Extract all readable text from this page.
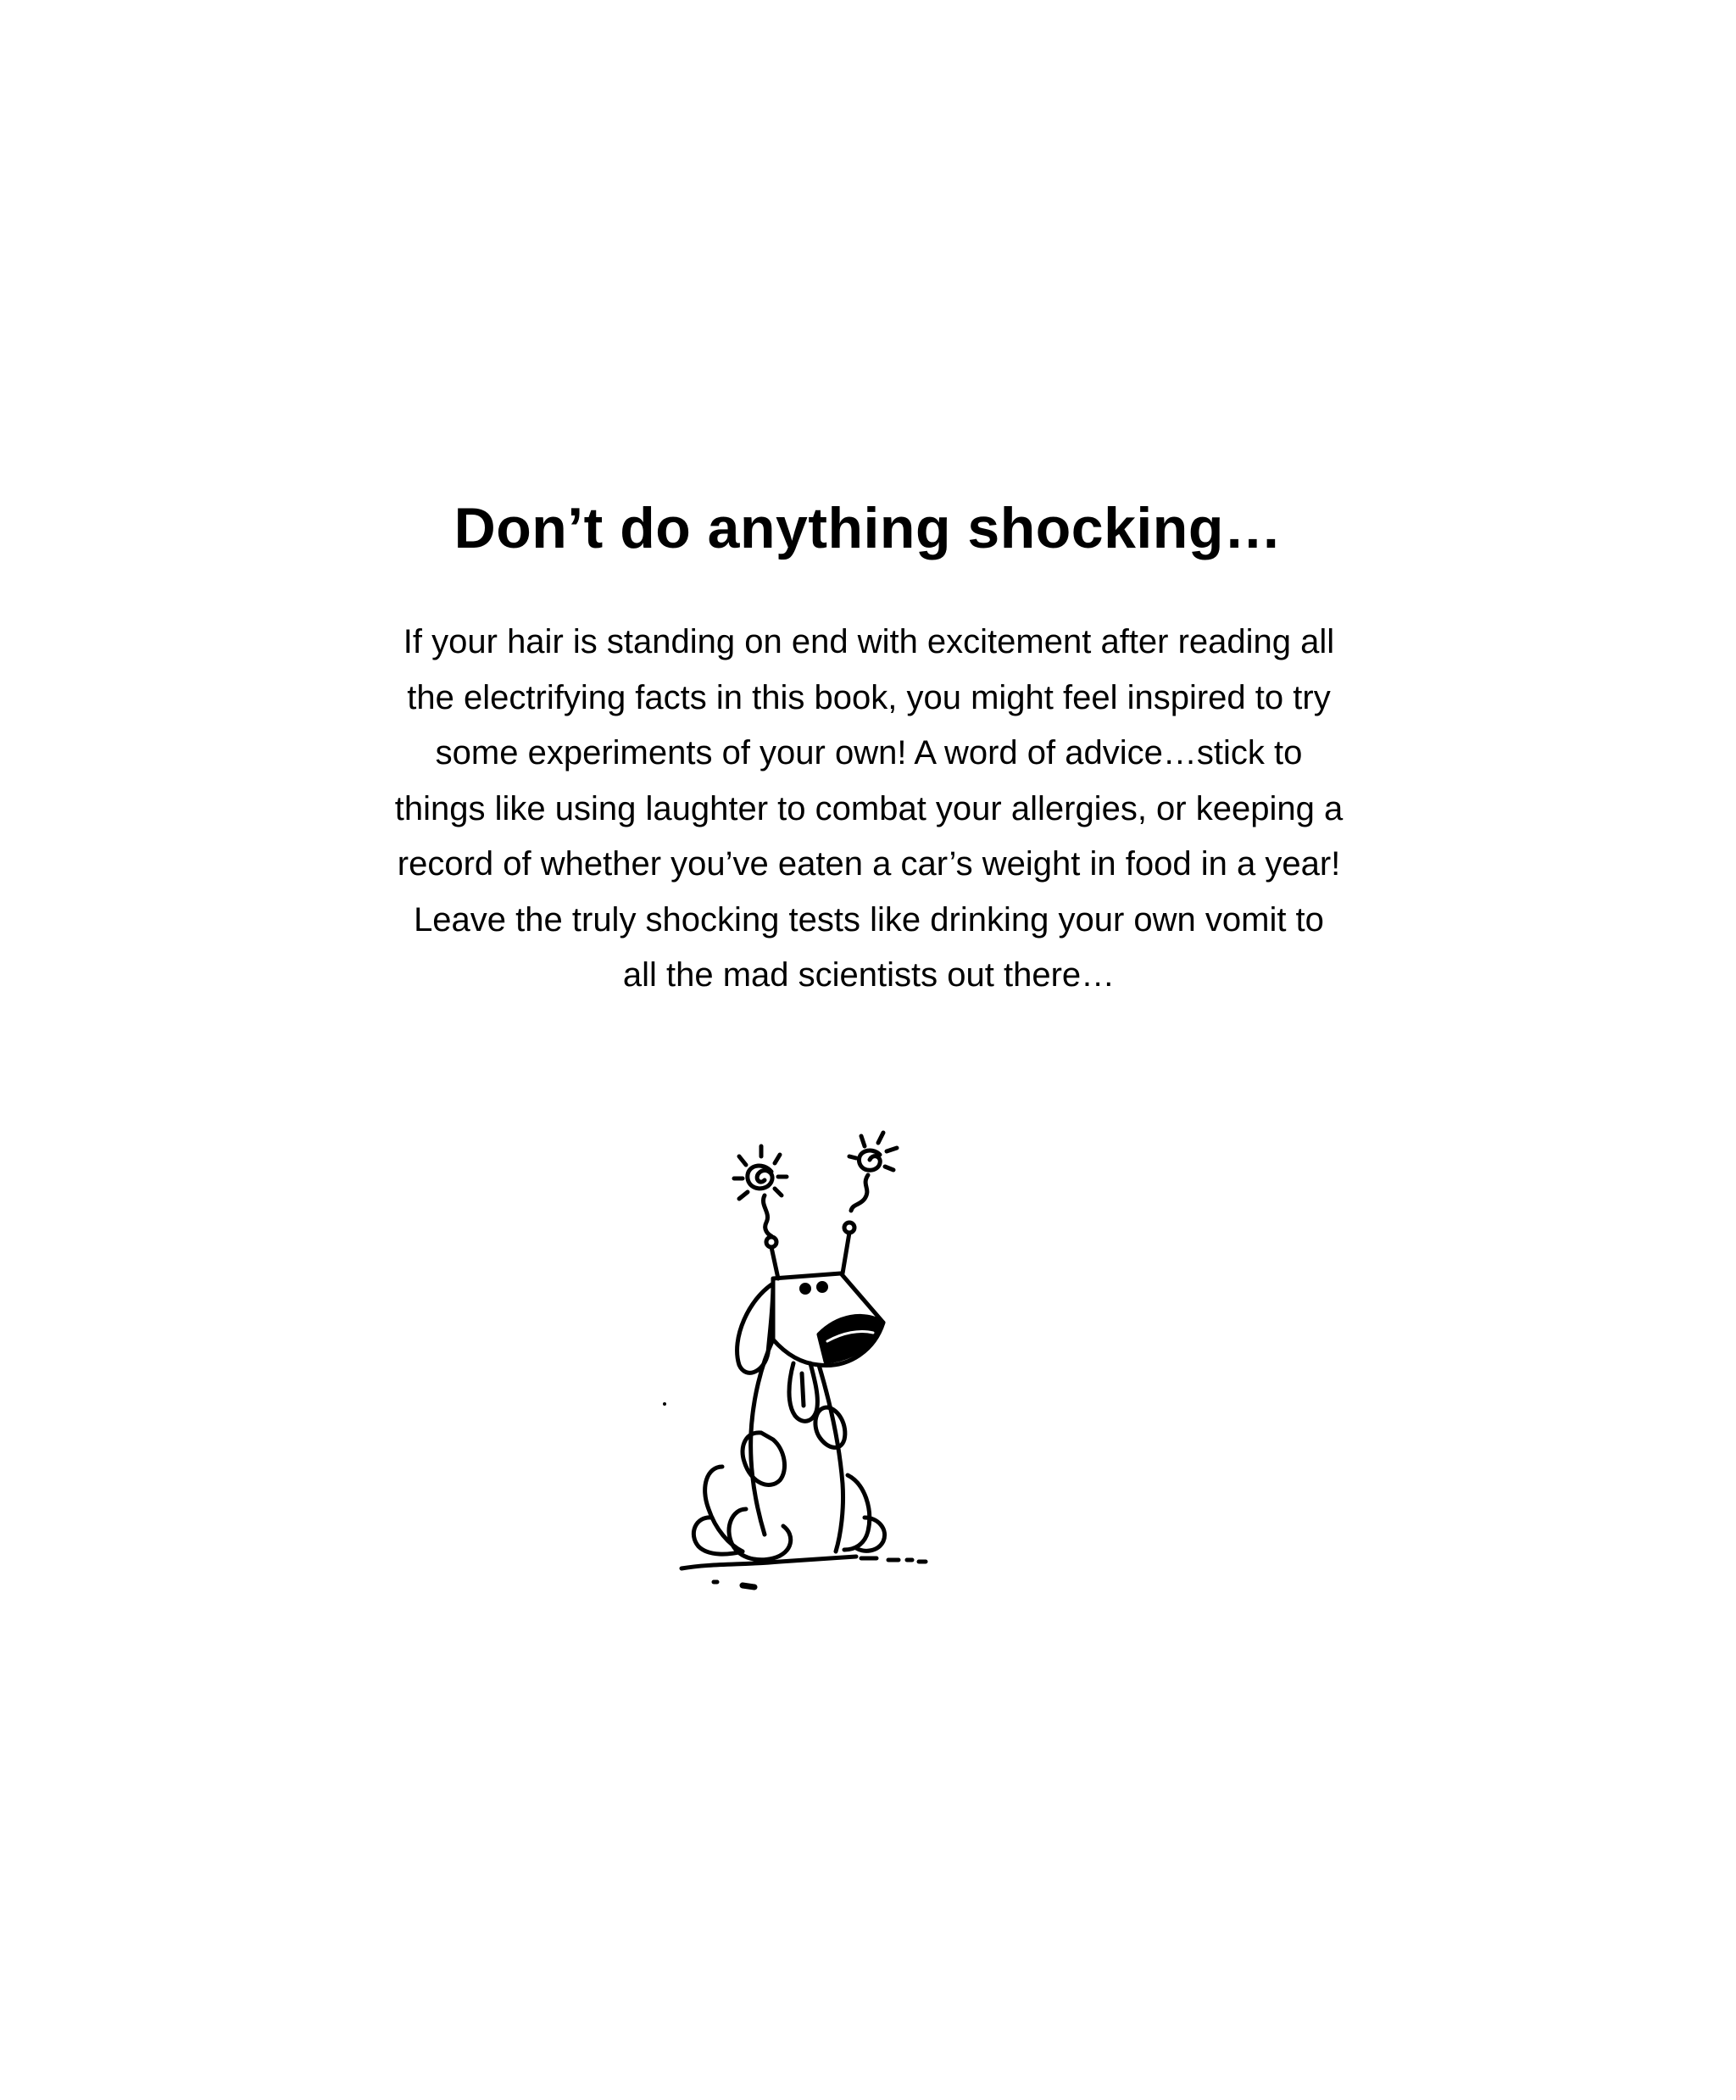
Don’t do anything shocking…
If your hair is standing on end with excitement after reading all
the electrifying facts in this book, you might feel inspired to try
some experiments of your own! A word of advice…stick to
things like using laughter to combat your allergies, or keeping a
record of whether you’ve eaten a car’s weight in food in a year!
Leave the truly shocking tests like drinking your own vomit to
all the mad scientists out there…
